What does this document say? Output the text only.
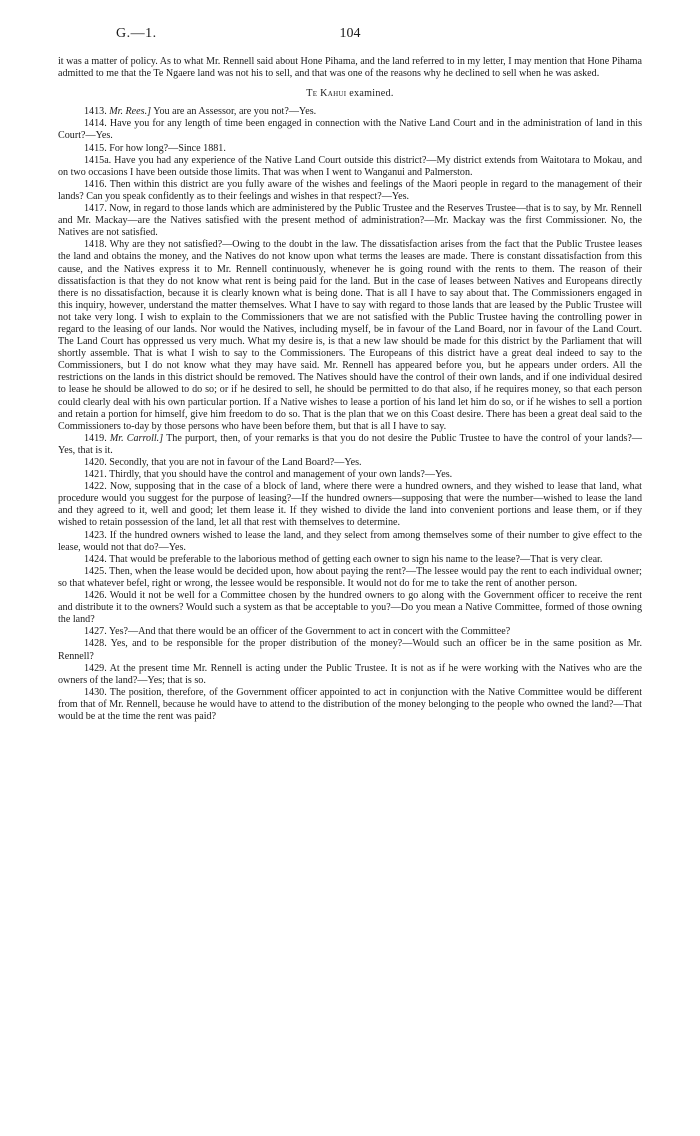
G.—1.	104

it was a matter of policy. As to what Mr. Rennell said about Hone Pihama, and the land referred to in my letter, I may mention that Hone Pihama admitted to me that the Te Ngaere land was not his to sell, and that was one of the reasons why he declined to sell when he was asked.

Te Kahui examined.

1413. Mr. Rees.] You are an Assessor, are you not?—Yes.

1414. Have you for any length of time been engaged in connection with the Native Land Court and in the administration of land in this Court?—Yes.

1415. For how long?—Since 1881.

1415a. Have you had any experience of the Native Land Court outside this district?—My district extends from Waitotara to Mokau, and on two occasions I have been outside those limits. That was when I went to Wanganui and Palmerston.

1416. Then within this district are you fully aware of the wishes and feelings of the Maori people in regard to the management of their lands? Can you speak confidently as to their feelings and wishes in that respect?—Yes.

1417. Now, in regard to those lands which are administered by the Public Trustee and the Reserves Trustee—that is to say, by Mr. Rennell and Mr. Mackay—are the Natives satisfied with the present method of administration?—Mr. Mackay was the first Commissioner. No, the Natives are not satisfied.

1418. Why are they not satisfied?—Owing to the doubt in the law. The dissatisfaction arises from the fact that the Public Trustee leases the land and obtains the money, and the Natives do not know upon what terms the leases are made. There is constant dissatisfaction from this cause, and the Natives express it to Mr. Rennell continuously, whenever he is going round with the rents to them. The reason of their dissatisfaction is that they do not know what rent is being paid for the land. But in the case of leases between Natives and Europeans directly there is no dissatisfaction, because it is clearly known what is being done. That is all I have to say about that. The Commissioners engaged in this inquiry, however, understand the matter themselves. What I have to say with regard to those lands that are leased by the Public Trustee will not take very long. I wish to explain to the Commissioners that we are not satisfied with the Public Trustee having the controlling power in regard to the leasing of our lands. Nor would the Natives, including myself, be in favour of the Land Board, nor in favour of the Land Court. The Land Court has oppressed us very much. What my desire is, is that a new law should be made for this district by the Parliament that will shortly assemble. That is what I wish to say to the Commissioners. The Europeans of this district have a great deal indeed to say to the Commissioners, but I do not know what they may have said. Mr. Rennell has appeared before you, but he appears under orders. All the restrictions on the lands in this district should be removed. The Natives should have the control of their own lands, and if one individual desired to lease he should be allowed to do so; or if he desired to sell, he should be permitted to do that also, if he requires money, so that each person could clearly deal with his own particular portion. If a Native wishes to lease a portion of his land let him do so, or if he wishes to sell a portion and retain a portion for himself, give him freedom to do so. That is the plan that we on this Coast desire. There has been a great deal said to the Commissioners to-day by those persons who have been before them, but that is all I have to say.

1419. Mr. Carroll.] The purport, then, of your remarks is that you do not desire the Public Trustee to have the control of your lands?—Yes, that is it.

1420. Secondly, that you are not in favour of the Land Board?—Yes.

1421. Thirdly, that you should have the control and management of your own lands?—Yes.

1422. Now, supposing that in the case of a block of land, where there were a hundred owners, and they wished to lease that land, what procedure would you suggest for the purpose of leasing?—If the hundred owners—supposing that were the number—wished to lease the land and they agreed to it, well and good; let them lease it. If they wished to divide the land into convenient portions and lease them, or if they wished to retain possession of the land, let all that rest with themselves to determine.

1423. If the hundred owners wished to lease the land, and they select from among themselves some of their number to give effect to the lease, would not that do?—Yes.

1424. That would be preferable to the laborious method of getting each owner to sign his name to the lease?—That is very clear.

1425. Then, when the lease would be decided upon, how about paying the rent?—The lessee would pay the rent to each individual owner; so that whatever befel, right or wrong, the lessee would be responsible. It would not do for me to take the rent of another person.

1426. Would it not be well for a Committee chosen by the hundred owners to go along with the Government officer to receive the rent and distribute it to the owners? Would such a system as that be acceptable to you?—Do you mean a Native Committee, formed of those owning the land?

1427. Yes?—And that there would be an officer of the Government to act in concert with the Committee?

1428. Yes, and to be responsible for the proper distribution of the money?—Would such an officer be in the same position as Mr. Rennell?

1429. At the present time Mr. Rennell is acting under the Public Trustee. It is not as if he were working with the Natives who are the owners of the land?—Yes; that is so.

1430. The position, therefore, of the Government officer appointed to act in conjunction with the Native Committee would be different from that of Mr. Rennell, because he would have to attend to the distribution of the money belonging to the people who owned the land?—That would be at the time the rent was paid?
